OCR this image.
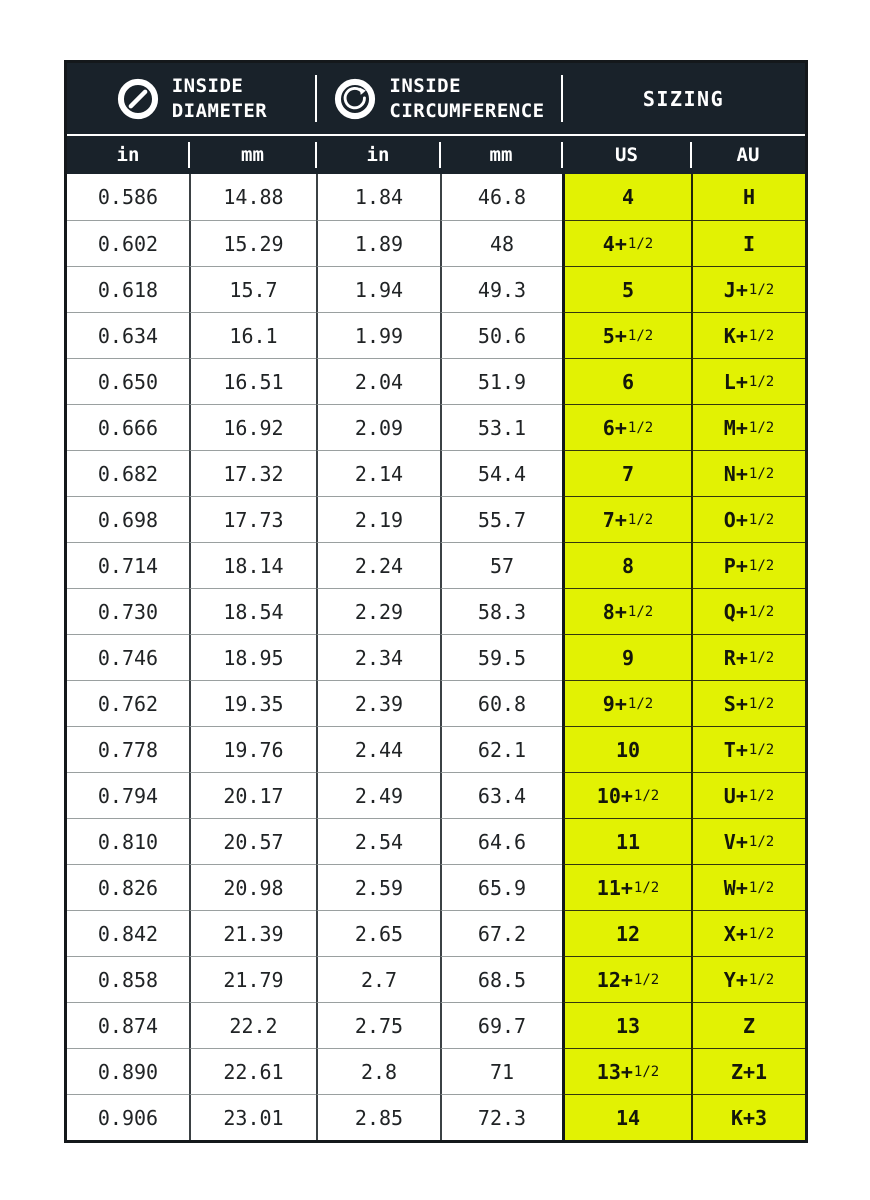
INSIDE
DIAMETER
INSIDE
CIRCUMFERENCE	SIZING
in	mm	in	mm	US	AU
0.586	14.88	1.84	46.8	4	H
0.602	15.29	1.89	48	4+ 1/2	I
0.618	15.7	1.94	49.3	5	J+ 1/2
0.634	16.1	1.99	50.6	5+ 1/2	K+ 1/2
0.650	16.51	2.04	51.9	6	L+ 1/2
0.666	16.92	2.09	53.1	6+ 1/2	M+ 1/2
0.682	17.32	2.14	54.4	7	N+ 1/2
0.698	17.73	2.19	55.7	7+ 1/2	O+ 1/2
0.714	18.14	2.24	57	8	P+ 1/2
0.730	18.54	2.29	58.3	8+ 1/2	Q+ 1/2
0.746	18.95	2.34	59.5	9	R+ 1/2
0.762	19.35	2.39	60.8	9+ 1/2	S+ 1/2
0.778	19.76	2.44	62.1	10	T+ 1/2
0.794	20.17	2.49	63.4	10+ 1/2	U+ 1/2
0.810	20.57	2.54	64.6	11	V+ 1/2
0.826	20.98	2.59	65.9	11+ 1/2	W+ 1/2
0.842	21.39	2.65	67.2	12	X+ 1/2
0.858	21.79	2.7	68.5	12+ 1/2	Y+ 1/2
0.874	22.2	2.75	69.7	13	Z
0.890	22.61	2.8	71	13+ 1/2	Z+1
0.906	23.01	2.85	72.3	14	K+3
